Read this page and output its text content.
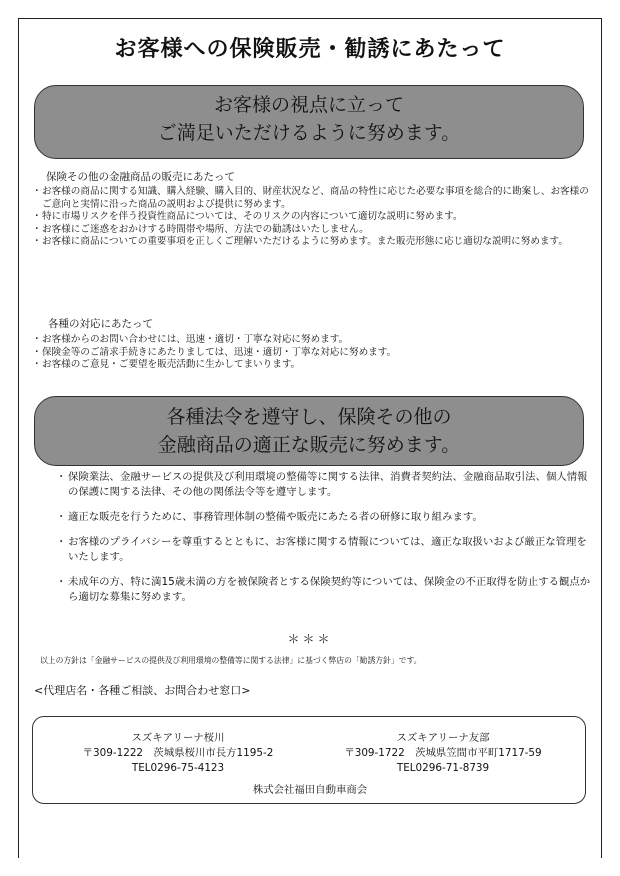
お客様への保険販売・勧誘にあたって
お客様の視点に立って
ご満足いただけるように努めます。
保険その他の金融商品の販売にあたって
・ お客様の商品に関する知識、購入経験、購入目的、財産状況など、商品の特性に応じた必要な事項を総合的に勘案し、お客様のご意向と実情に沿った商品の説明および提供に努めます。
・ 特に市場リスクを伴う投資性商品については、そのリスクの内容について適切な説明に努めます。
・ お客様にご迷惑をおかけする時間帯や場所、方法での勧誘はいたしません。
・ お客様に商品についての重要事項を正しくご理解いただけるように努めます。また販売形態に応じ適切な説明に努めます。
各種の対応にあたって
・ お客様からのお問い合わせには、迅速・適切・丁寧な対応に努めます。
・ 保険金等のご請求手続きにあたりましては、迅速・適切・丁寧な対応に努めます。
・ お客様のご意見・ご要望を販売活動に生かしてまいります。
各種法令を遵守し、保険その他の
金融商品の適正な販売に努めます。
・ 保険業法、金融サービスの提供及び利用環境の整備等に関する法律、消費者契約法、金融商品取引法、個人情報の保護に関する法律、その他の関係法令等を遵守します。
・ 適正な販売を行うために、事務管理体制の整備や販売にあたる者の研修に取り組みます。
・ お客様のプライバシーを尊重するとともに、お客様に関する情報については、適正な取扱いおよび厳正な管理をいたします。
・ 未成年の方、特に満15歳未満の方を被保険者とする保険契約等については、保険金の不正取得を防止する観点から適切な募集に努めます。
＊＊＊
以上の方針は「金融サービスの提供及び利用環境の整備等に関する法律」に基づく弊店の「勧誘方針」です。
<代理店名・各種ご相談、お問合わせ窓口>
スズキアリーナ桜川
〒309-1222　茨城県桜川市長方1195-2
TEL0296-75-4123
スズキアリーナ友部
〒309-1722　茨城県笠間市平町1717-59
TEL0296-71-8739
株式会社福田自動車商会
